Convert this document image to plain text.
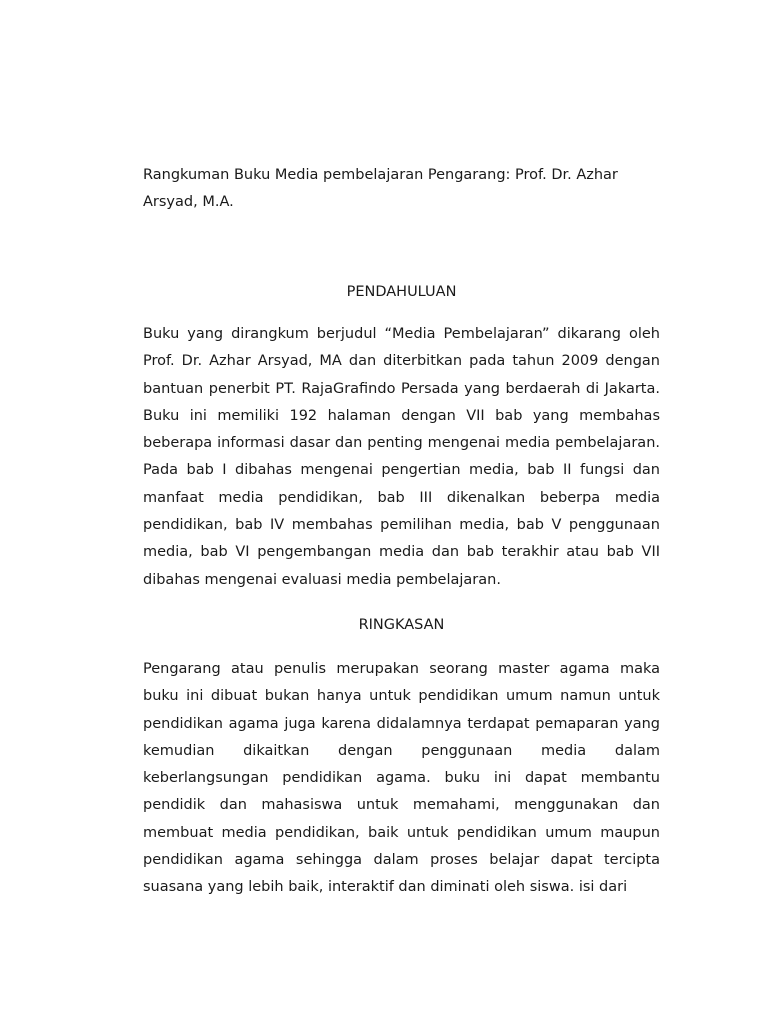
Rangkuman Buku Media pembelajaran Pengarang: Prof. Dr. Azhar Arsyad, M.A.

PENDAHULUAN

Buku yang dirangkum berjudul “Media Pembelajaran” dikarang oleh Prof. Dr. Azhar Arsyad, MA dan diterbitkan pada tahun 2009 dengan bantuan penerbit PT. RajaGrafindo Persada yang berdaerah di Jakarta. Buku ini memiliki 192 halaman dengan VII bab yang membahas beberapa informasi dasar dan penting mengenai media pembelajaran. Pada bab I dibahas mengenai pengertian media, bab II fungsi dan manfaat media pendidikan, bab III dikenalkan beberpa media pendidikan, bab IV membahas pemilihan media, bab V penggunaan media, bab VI pengembangan media dan bab terakhir atau bab VII dibahas mengenai evaluasi media pembelajaran.

RINGKASAN

Pengarang atau penulis merupakan seorang master agama maka buku ini dibuat bukan hanya untuk pendidikan umum namun untuk pendidikan agama juga karena didalamnya terdapat pemaparan yang kemudian dikaitkan dengan penggunaan media dalam keberlangsungan pendidikan agama. buku ini dapat membantu pendidik dan mahasiswa untuk memahami, menggunakan dan membuat media pendidikan, baik untuk pendidikan umum maupun pendidikan agama sehingga dalam proses belajar dapat tercipta suasana yang lebih baik, interaktif dan diminati oleh siswa. isi dari
